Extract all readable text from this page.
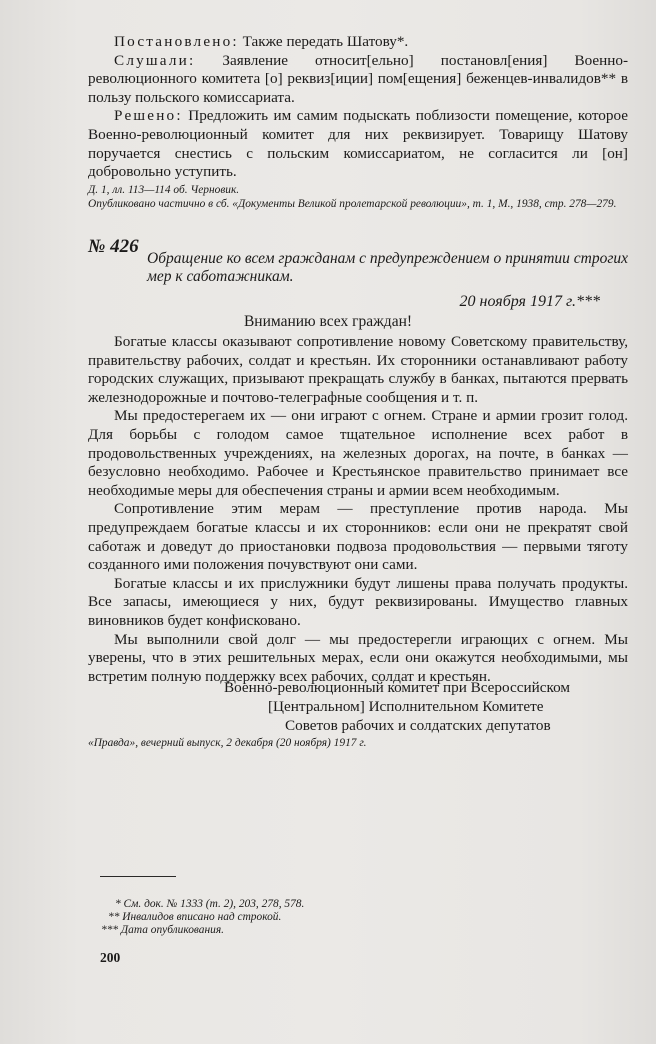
Постановлено: Также передать Шатову*.

Слушали: Заявление относит[ельно] постановл[ения] Военно-революционного комитета [о] реквиз[иции] пом[ещения] беженцев-инвалидов** в пользу польского комиссариата.

Решено: Предложить им самим подыскать поблизости помещение, которое Военно-революционный комитет для них реквизирует. Товарищу Шатову поручается снестись с польским комиссариатом, не согласится ли [он] добровольно уступить.

Д. 1, лл. 113—114 об. Черновик.

Опубликовано частично в сб. «Документы Великой пролетарской революции», т. 1, М., 1938, стр. 278—279.

№ 426
Обращение ко всем гражданам с предупреждением о принятии строгих мер к саботажникам.
20 ноября 1917 г.***
Вниманию всех граждан!

Богатые классы оказывают сопротивление новому Советскому правительству, правительству рабочих, солдат и крестьян. Их сторонники останавливают работу городских служащих, призывают прекращать службу в банках, пытаются прервать железнодорожные и почтово-телеграфные сообщения и т. п.

Мы предостерегаем их — они играют с огнем. Стране и армии грозит голод. Для борьбы с голодом самое тщательное исполнение всех работ в продовольственных учреждениях, на железных дорогах, на почте, в банках — безусловно необходимо. Рабочее и Крестьянское правительство принимает все необходимые меры для обеспечения страны и армии всем необходимым.

Сопротивление этим мерам — преступление против народа. Мы предупреждаем богатые классы и их сторонников: если они не прекратят свой саботаж и доведут до приостановки подвоза продовольствия — первыми тяготу созданного ими положения почувствуют они сами.

Богатые классы и их прислужники будут лишены права получать продукты. Все запасы, имеющиеся у них, будут реквизированы. Имущество главных виновников будет конфисковано.

Мы выполнили свой долг — мы предостерегли играющих с огнем. Мы уверены, что в этих решительных мерах, если они окажутся необходимыми, мы встретим полную поддержку всех рабочих, солдат и крестьян.

Военно-революционный комитет при Всероссийском
[Центральном] Исполнительном Комитете
Советов рабочих и солдатских депутатов
«Правда», вечерний выпуск, 2 декабря (20 ноября) 1917 г.
* См. док. № 1333 (т. 2), 203, 278, 578.
** Инвалидов вписано над строкой.
*** Дата опубликования.
200
